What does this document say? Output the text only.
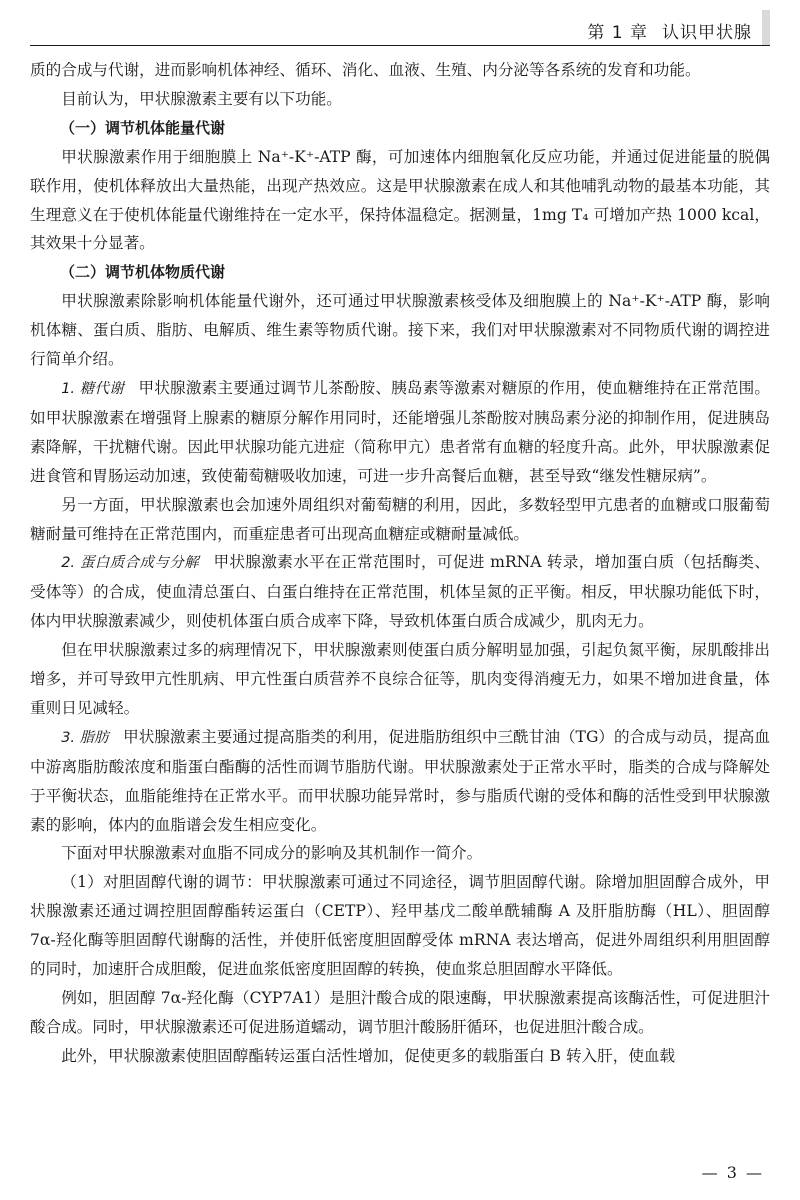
第 1 章 认识甲状腺

质的合成与代谢，进而影响机体神经、循环、消化、血液、生殖、内分泌等各系统的发育和功能。

目前认为，甲状腺激素主要有以下功能。

（一）调节机体能量代谢

甲状腺激素作用于细胞膜上 Na⁺-K⁺-ATP 酶，可加速体内细胞氧化反应功能，并通过促进能量的脱偶联作用，使机体释放出大量热能，出现产热效应。这是甲状腺激素在成人和其他哺乳动物的最基本功能，其生理意义在于使机体能量代谢维持在一定水平，保持体温稳定。据测量，1mg T₄ 可增加产热 1000 kcal，其效果十分显著。

（二）调节机体物质代谢

甲状腺激素除影响机体能量代谢外，还可通过甲状腺激素核受体及细胞膜上的 Na⁺-K⁺-ATP 酶，影响机体糖、蛋白质、脂肪、电解质、维生素等物质代谢。接下来，我们对甲状腺激素对不同物质代谢的调控进行简单介绍。

1. 糖代谢 甲状腺激素主要通过调节儿茶酚胺、胰岛素等激素对糖原的作用，使血糖维持在正常范围。如甲状腺激素在增强肾上腺素的糖原分解作用同时，还能增强儿茶酚胺对胰岛素分泌的抑制作用，促进胰岛素降解，干扰糖代谢。因此甲状腺功能亢进症（简称甲亢）患者常有血糖的轻度升高。此外，甲状腺激素促进食管和胃肠运动加速，致使葡萄糖吸收加速，可进一步升高餐后血糖，甚至导致“继发性糖尿病”。

另一方面，甲状腺激素也会加速外周组织对葡萄糖的利用，因此，多数轻型甲亢患者的血糖或口服葡萄糖耐量可维持在正常范围内，而重症患者可出现高血糖症或糖耐量减低。

2. 蛋白质合成与分解 甲状腺激素水平在正常范围时，可促进 mRNA 转录，增加蛋白质（包括酶类、受体等）的合成，使血清总蛋白、白蛋白维持在正常范围，机体呈氮的正平衡。相反，甲状腺功能低下时，体内甲状腺激素减少，则使机体蛋白质合成率下降，导致机体蛋白质合成减少，肌肉无力。

但在甲状腺激素过多的病理情况下，甲状腺激素则使蛋白质分解明显加强，引起负氮平衡，尿肌酸排出增多，并可导致甲亢性肌病、甲亢性蛋白质营养不良综合征等，肌肉变得消瘦无力，如果不增加进食量，体重则日见减轻。

3. 脂肪 甲状腺激素主要通过提高脂类的利用，促进脂肪组织中三酰甘油（TG）的合成与动员，提高血中游离脂肪酸浓度和脂蛋白酯酶的活性而调节脂肪代谢。甲状腺激素处于正常水平时，脂类的合成与降解处于平衡状态，血脂能维持在正常水平。而甲状腺功能异常时，参与脂质代谢的受体和酶的活性受到甲状腺激素的影响，体内的血脂谱会发生相应变化。

下面对甲状腺激素对血脂不同成分的影响及其机制作一简介。

（1）对胆固醇代谢的调节：甲状腺激素可通过不同途径，调节胆固醇代谢。除增加胆固醇合成外，甲状腺激素还通过调控胆固醇酯转运蛋白（CETP）、羟甲基戊二酸单酰辅酶 A 及肝脂肪酶（HL）、胆固醇 7α-羟化酶等胆固醇代谢酶的活性，并使肝低密度胆固醇受体 mRNA 表达增高，促进外周组织利用胆固醇的同时，加速肝合成胆酸，促进血浆低密度胆固醇的转换，使血浆总胆固醇水平降低。

例如，胆固醇 7α-羟化酶（CYP7A1）是胆汁酸合成的限速酶，甲状腺激素提高该酶活性，可促进胆汁酸合成。同时，甲状腺激素还可促进肠道蠕动，调节胆汁酸肠肝循环，也促进胆汁酸合成。

此外，甲状腺激素使胆固醇酯转运蛋白活性增加，促使更多的载脂蛋白 B 转入肝，使血载

— 3 —
